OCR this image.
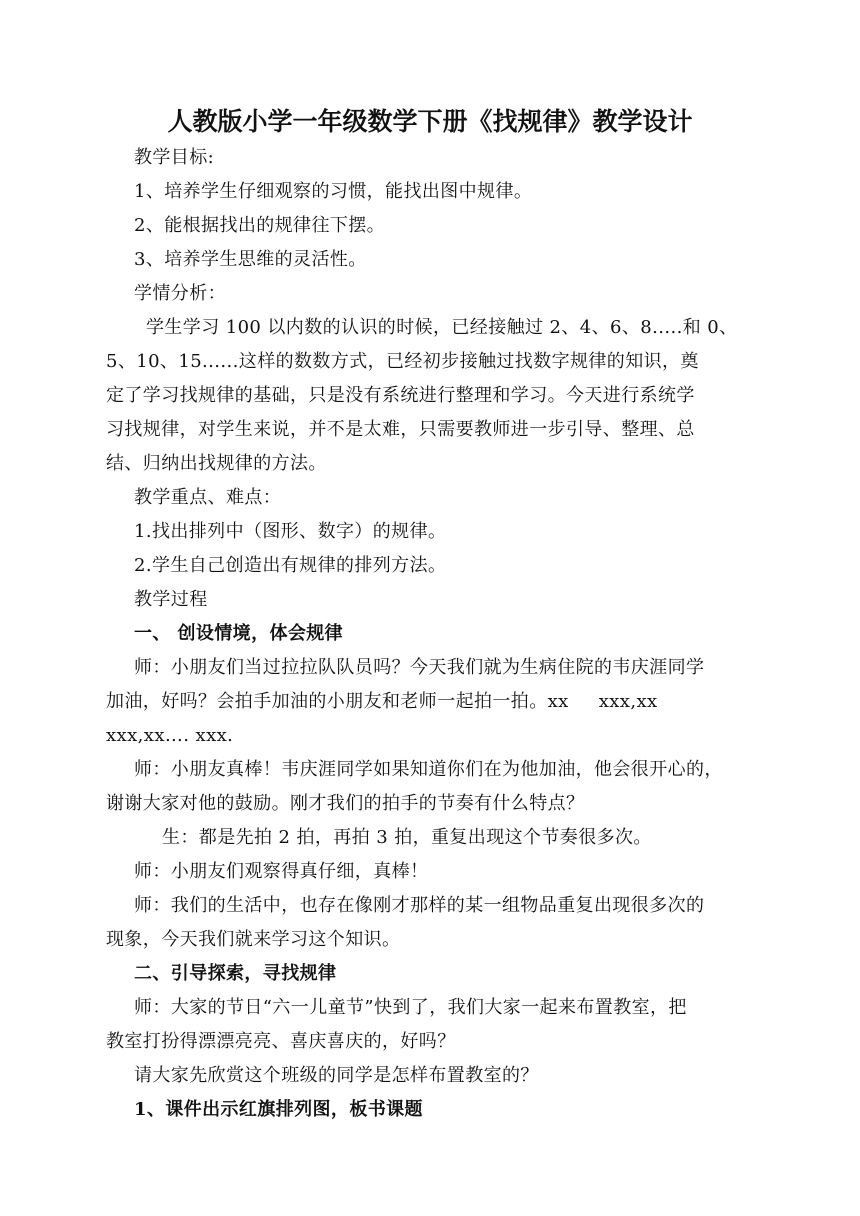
人教版小学一年级数学下册《找规律》教学设计
教学目标:
1、培养学生仔细观察的习惯，能找出图中规律。
2、能根据找出的规律往下摆。
3、培养学生思维的灵活性。
学情分析：
学生学习 100 以内数的认识的时候，已经接触过 2、4、6、8.....和 0、
5、10、15......这样的数数方式，已经初步接触过找数字规律的知识，奠
定了学习找规律的基础，只是没有系统进行整理和学习。今天进行系统学
习找规律，对学生来说，并不是太难，只需要教师进一步引导、整理、总
结、归纳出找规律的方法。
教学重点、难点：
1.找出排列中（图形、数字）的规律。
2.学生自己创造出有规律的排列方法。
教学过程
一、 创设情境，体会规律
师：小朋友们当过拉拉队队员吗？今天我们就为生病住院的韦庆涯同学
加油，好吗？会拍手加油的小朋友和老师一起拍一拍。xx xxx,xx
xxx,xx…. xxx.
师：小朋友真棒！韦庆涯同学如果知道你们在为他加油，他会很开心的，
谢谢大家对他的鼓励。刚才我们的拍手的节奏有什么特点？
生：都是先拍 2 拍，再拍 3 拍，重复出现这个节奏很多次。
师：小朋友们观察得真仔细，真棒！
师：我们的生活中，也存在像刚才那样的某一组物品重复出现很多次的
现象，今天我们就来学习这个知识。
二、引导探索，寻找规律
师：大家的节日“六一儿童节”快到了，我们大家一起来布置教室，把
教室打扮得漂漂亮亮、喜庆喜庆的，好吗？
请大家先欣赏这个班级的同学是怎样布置教室的？
1、课件出示红旗排列图，板书课题
